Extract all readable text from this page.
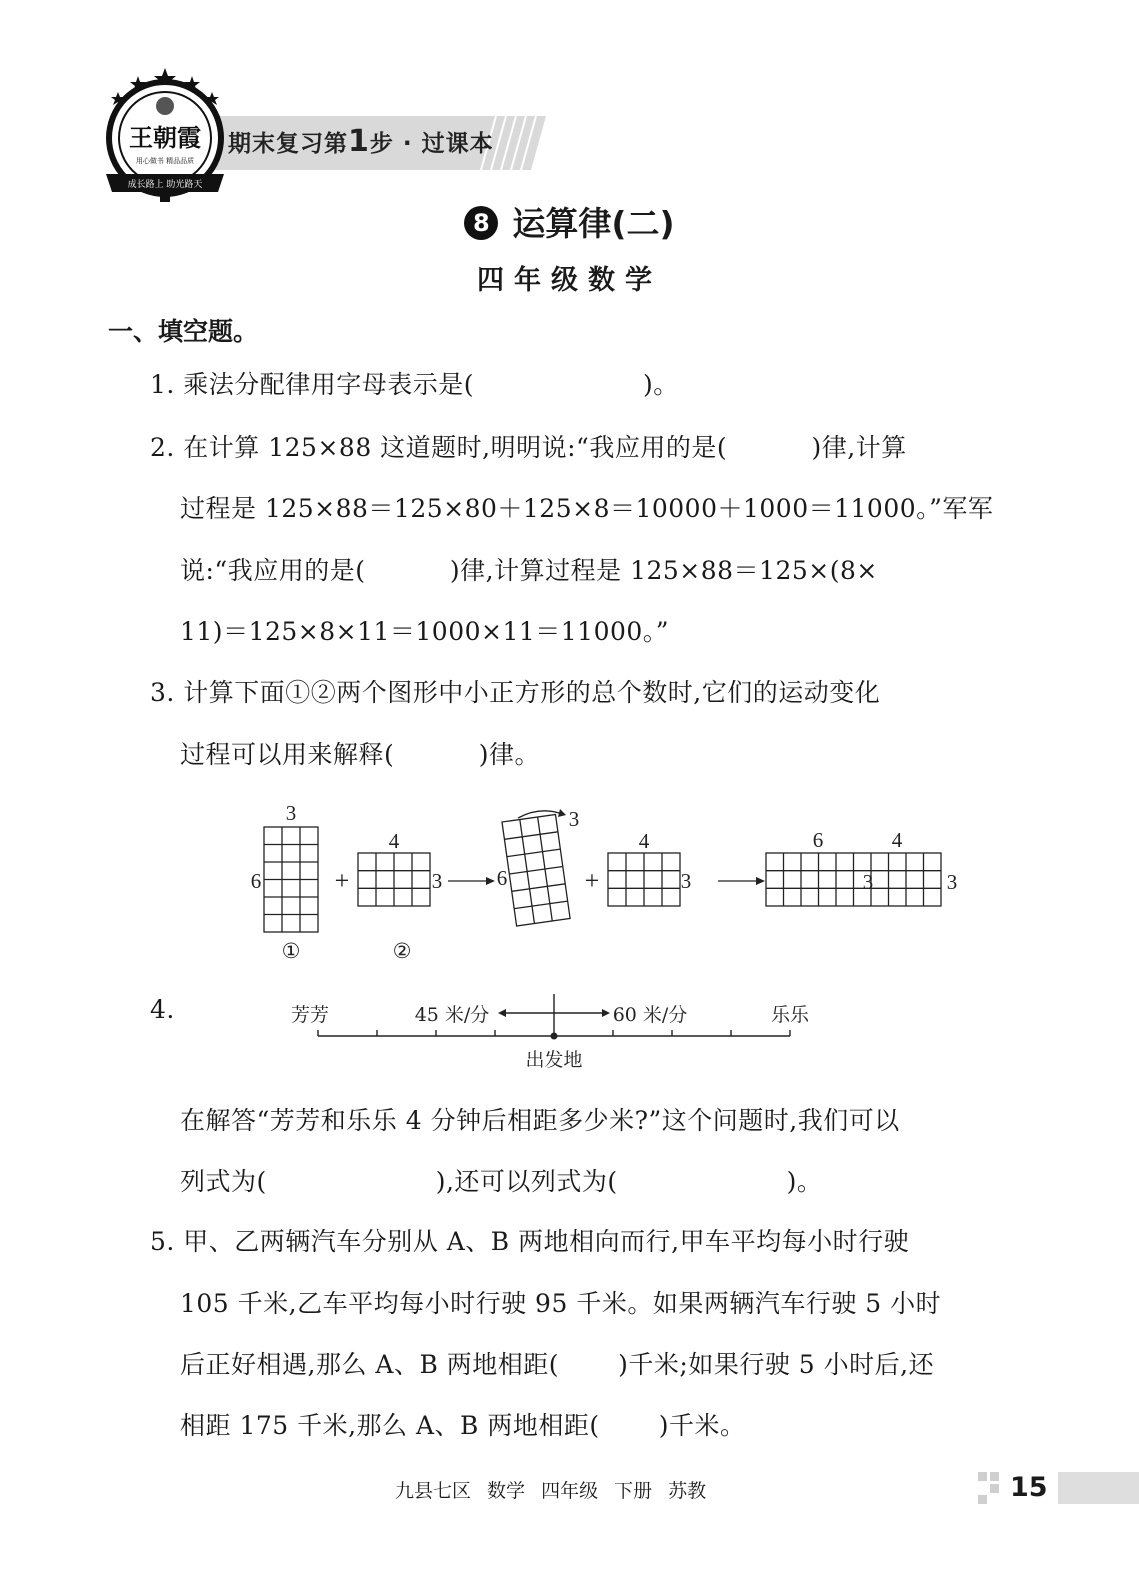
期末复习第1步 · 过课本
王朝霞
用心做书 精品品质
成长路上 助光路天
8 运算律(二)
四年级数学
一、填空题。
1. 乘法分配律用字母表示是(                    )。
2. 在计算 125×88 这道题时,明明说:“我应用的是(          )律,计算
过程是 125×88＝125×80＋125×8＝10000＋1000＝11000。”军军
说:“我应用的是(          )律,计算过程是 125×88＝125×(8×
11)＝125×8×11＝1000×11＝11000。”
3. 计算下面①②两个图形中小正方形的总个数时,它们的运动变化
过程可以用来解释(          )律。
3
6
①
+
4
3
②
3
6	+
4
3
6	4
3	3
4.	芳芳	45 米/分	60 米/分	乐乐
出发地
在解答“芳芳和乐乐 4 分钟后相距多少米?”这个问题时,我们可以
列式为(                    ),还可以列式为(                    )。
5. 甲、乙两辆汽车分别从 A、B 两地相向而行,甲车平均每小时行驶
105 千米,乙车平均每小时行驶 95 千米。如果两辆汽车行驶 5 小时
后正好相遇,那么 A、B 两地相距(       )千米;如果行驶 5 小时后,还
相距 175 千米,那么 A、B 两地相距(       )千米。
九县七区 数学 四年级 下册 苏教	15
